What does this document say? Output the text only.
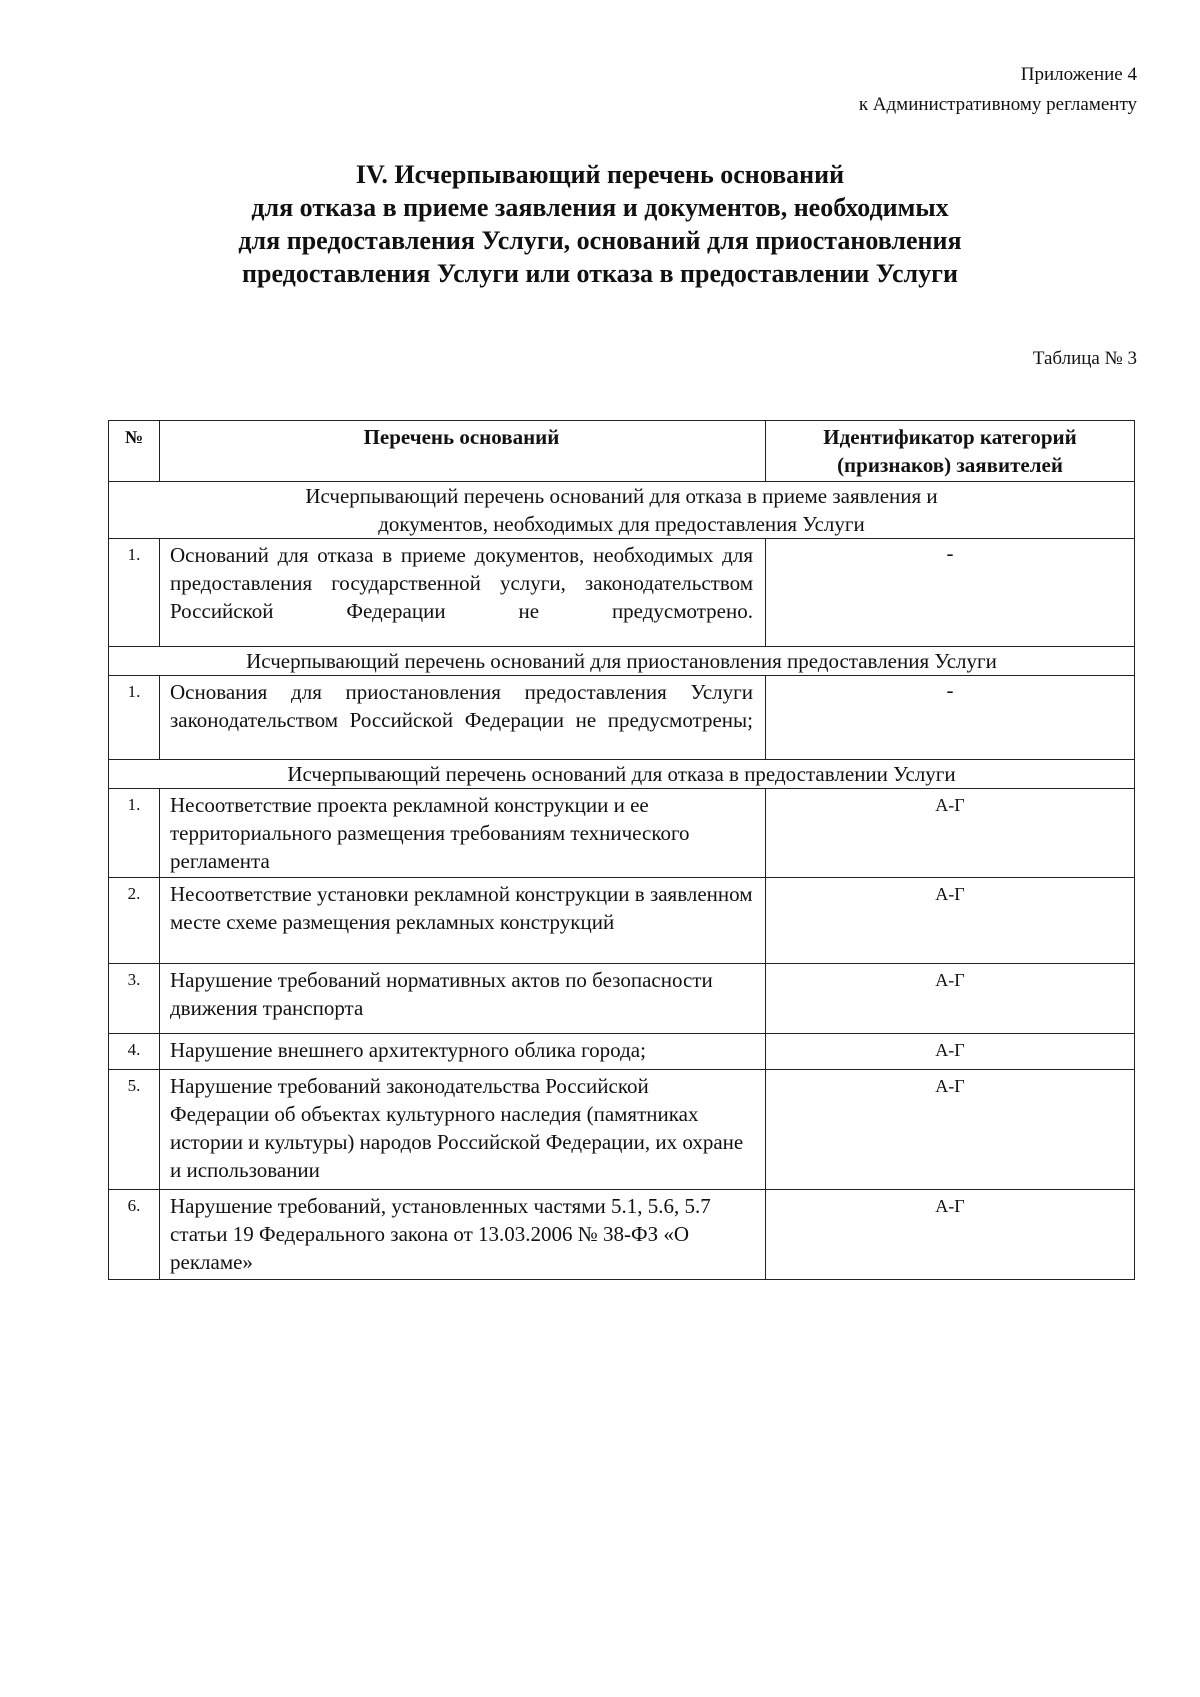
Приложение 4
к Административному регламенту
IV. Исчерпывающий перечень оснований
для отказа в приеме заявления и документов, необходимых
для предоставления Услуги, оснований для приостановления
предоставления Услуги или отказа в предоставлении Услуги
Таблица № 3
№	Перечень оснований	Идентификатор категорий (признаков) заявителей
Исчерпывающий перечень оснований для отказа в приеме заявления и документов, необходимых для предоставления Услуги		
1.	Оснований для отказа в приеме документов, необходимых для предоставления государственной услуги, законодательством Российской Федерации не предусмотрено.	-
Исчерпывающий перечень оснований для приостановления предоставления Услуги		
1.	Основания для приостановления предоставления Услуги законодательством Российской Федерации не предусмотрены;	-
Исчерпывающий перечень оснований для отказа в предоставлении Услуги		
1.	Несоответствие проекта рекламной конструкции и ее территориального размещения требованиям технического регламента	А-Г
2.	Несоответствие установки рекламной конструкции в заявленном месте схеме размещения рекламных конструкций	А-Г
3.	Нарушение требований нормативных актов по безопасности движения транспорта	А-Г
4.	Нарушение внешнего архитектурного облика города;	А-Г
5.	Нарушение требований законодательства Российской Федерации об объектах культурного наследия (памятниках истории и культуры) народов Российской Федерации, их охране и использовании	А-Г
6.	Нарушение требований, установленных частями 5.1, 5.6, 5.7 статьи 19 Федерального закона от 13.03.2006 № 38-ФЗ «О рекламе»	А-Г
